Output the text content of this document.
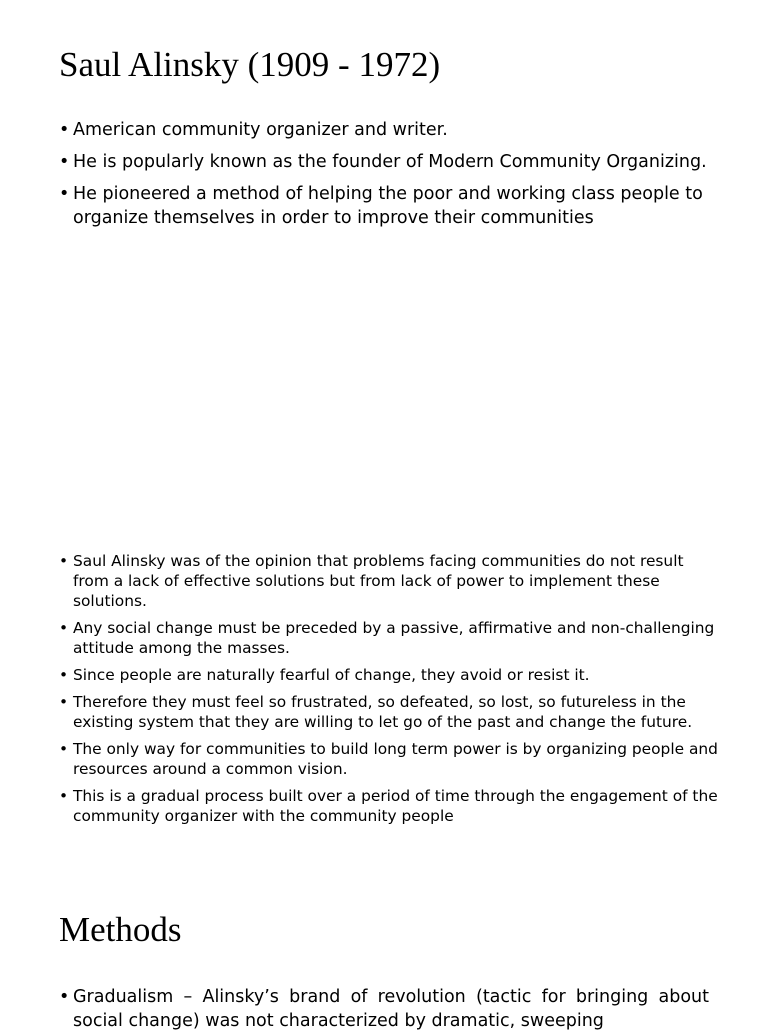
Saul Alinsky (1909 - 1972)
• American community organizer and writer.
• He is popularly known as the founder of Modern Community Organizing.
• He pioneered a method of helping the poor and working class people to organize themselves in order to improve their communities
• Saul Alinsky was of the opinion that problems facing communities do not result from a lack of effective solutions but from lack of power to implement these solutions.
• Any social change must be preceded by a passive, affirmative and non-challenging attitude among the masses.
• Since people are naturally fearful of change, they avoid or resist it.
• Therefore they must feel so frustrated, so defeated, so lost, so futureless in the existing system that they are willing to let go of the past and change the future.
• The only way for communities to build long term power is by organizing people and resources around a common vision.
• This is a gradual process built over a period of time through the engagement of the community organizer with the community people
Methods
• Gradualism – Alinsky’s brand of revolution (tactic for bringing about social change) was not characterized by dramatic, sweeping
